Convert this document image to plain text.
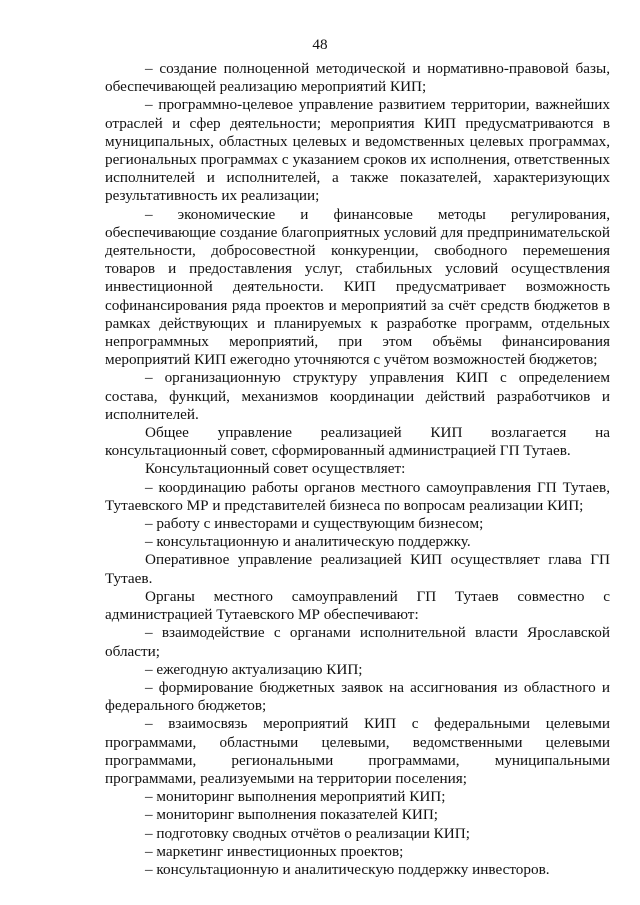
48

– создание полноценной методической и нормативно-правовой базы, обеспечивающей реализацию мероприятий КИП;

– программно-целевое управление развитием территории, важнейших отраслей и сфер деятельности; мероприятия КИП предусматриваются в муниципальных, областных целевых и ведомственных целевых программах, региональных программах с указанием сроков их исполнения, ответственных исполнителей и исполнителей, а также показателей, характеризующих результативность их реализации;

– экономические и финансовые методы регулирования, обеспечивающие создание благоприятных условий для предпринимательской деятельности, добросовестной конкуренции, свободного перемешения товаров и предоставления услуг, стабильных условий осуществления инвестиционной деятельности. КИП предусматривает возможность софинансирования ряда проектов и мероприятий за счёт средств бюджетов в рамках действующих и планируемых к разработке программ, отдельных непрограммных мероприятий, при этом объёмы финансирования мероприятий КИП ежегодно уточняются с учётом возможностей бюджетов;

– организационную структуру управления КИП с определением состава, функций, механизмов координации действий разработчиков и исполнителей.

Общее управление реализацией КИП возлагается на консультационный совет, сформированный администрацией ГП Тутаев.

Консультационный совет осуществляет:

– координацию работы органов местного самоуправления ГП Тутаев, Тутаевского МР и представителей бизнеса по вопросам реализации КИП;

– работу с инвесторами и существующим бизнесом;

– консультационную и аналитическую поддержку.

Оперативное управление реализацией КИП осуществляет глава ГП Тутаев.

Органы местного самоуправлений ГП Тутаев совместно с администрацией Тутаевского МР обеспечивают:

– взаимодействие с органами исполнительной власти Ярославской области;

– ежегодную актуализацию КИП;

– формирование бюджетных заявок на ассигнования из областного и федерального бюджетов;

– взаимосвязь мероприятий КИП с федеральными целевыми программами, областными целевыми, ведомственными целевыми программами, региональными программами, муниципальными программами, реализуемыми на территории поселения;

– мониторинг выполнения мероприятий КИП;

– мониторинг выполнения показателей КИП;

– подготовку сводных отчётов о реализации КИП;

– маркетинг инвестиционных проектов;

– консультационную и аналитическую поддержку инвесторов.
